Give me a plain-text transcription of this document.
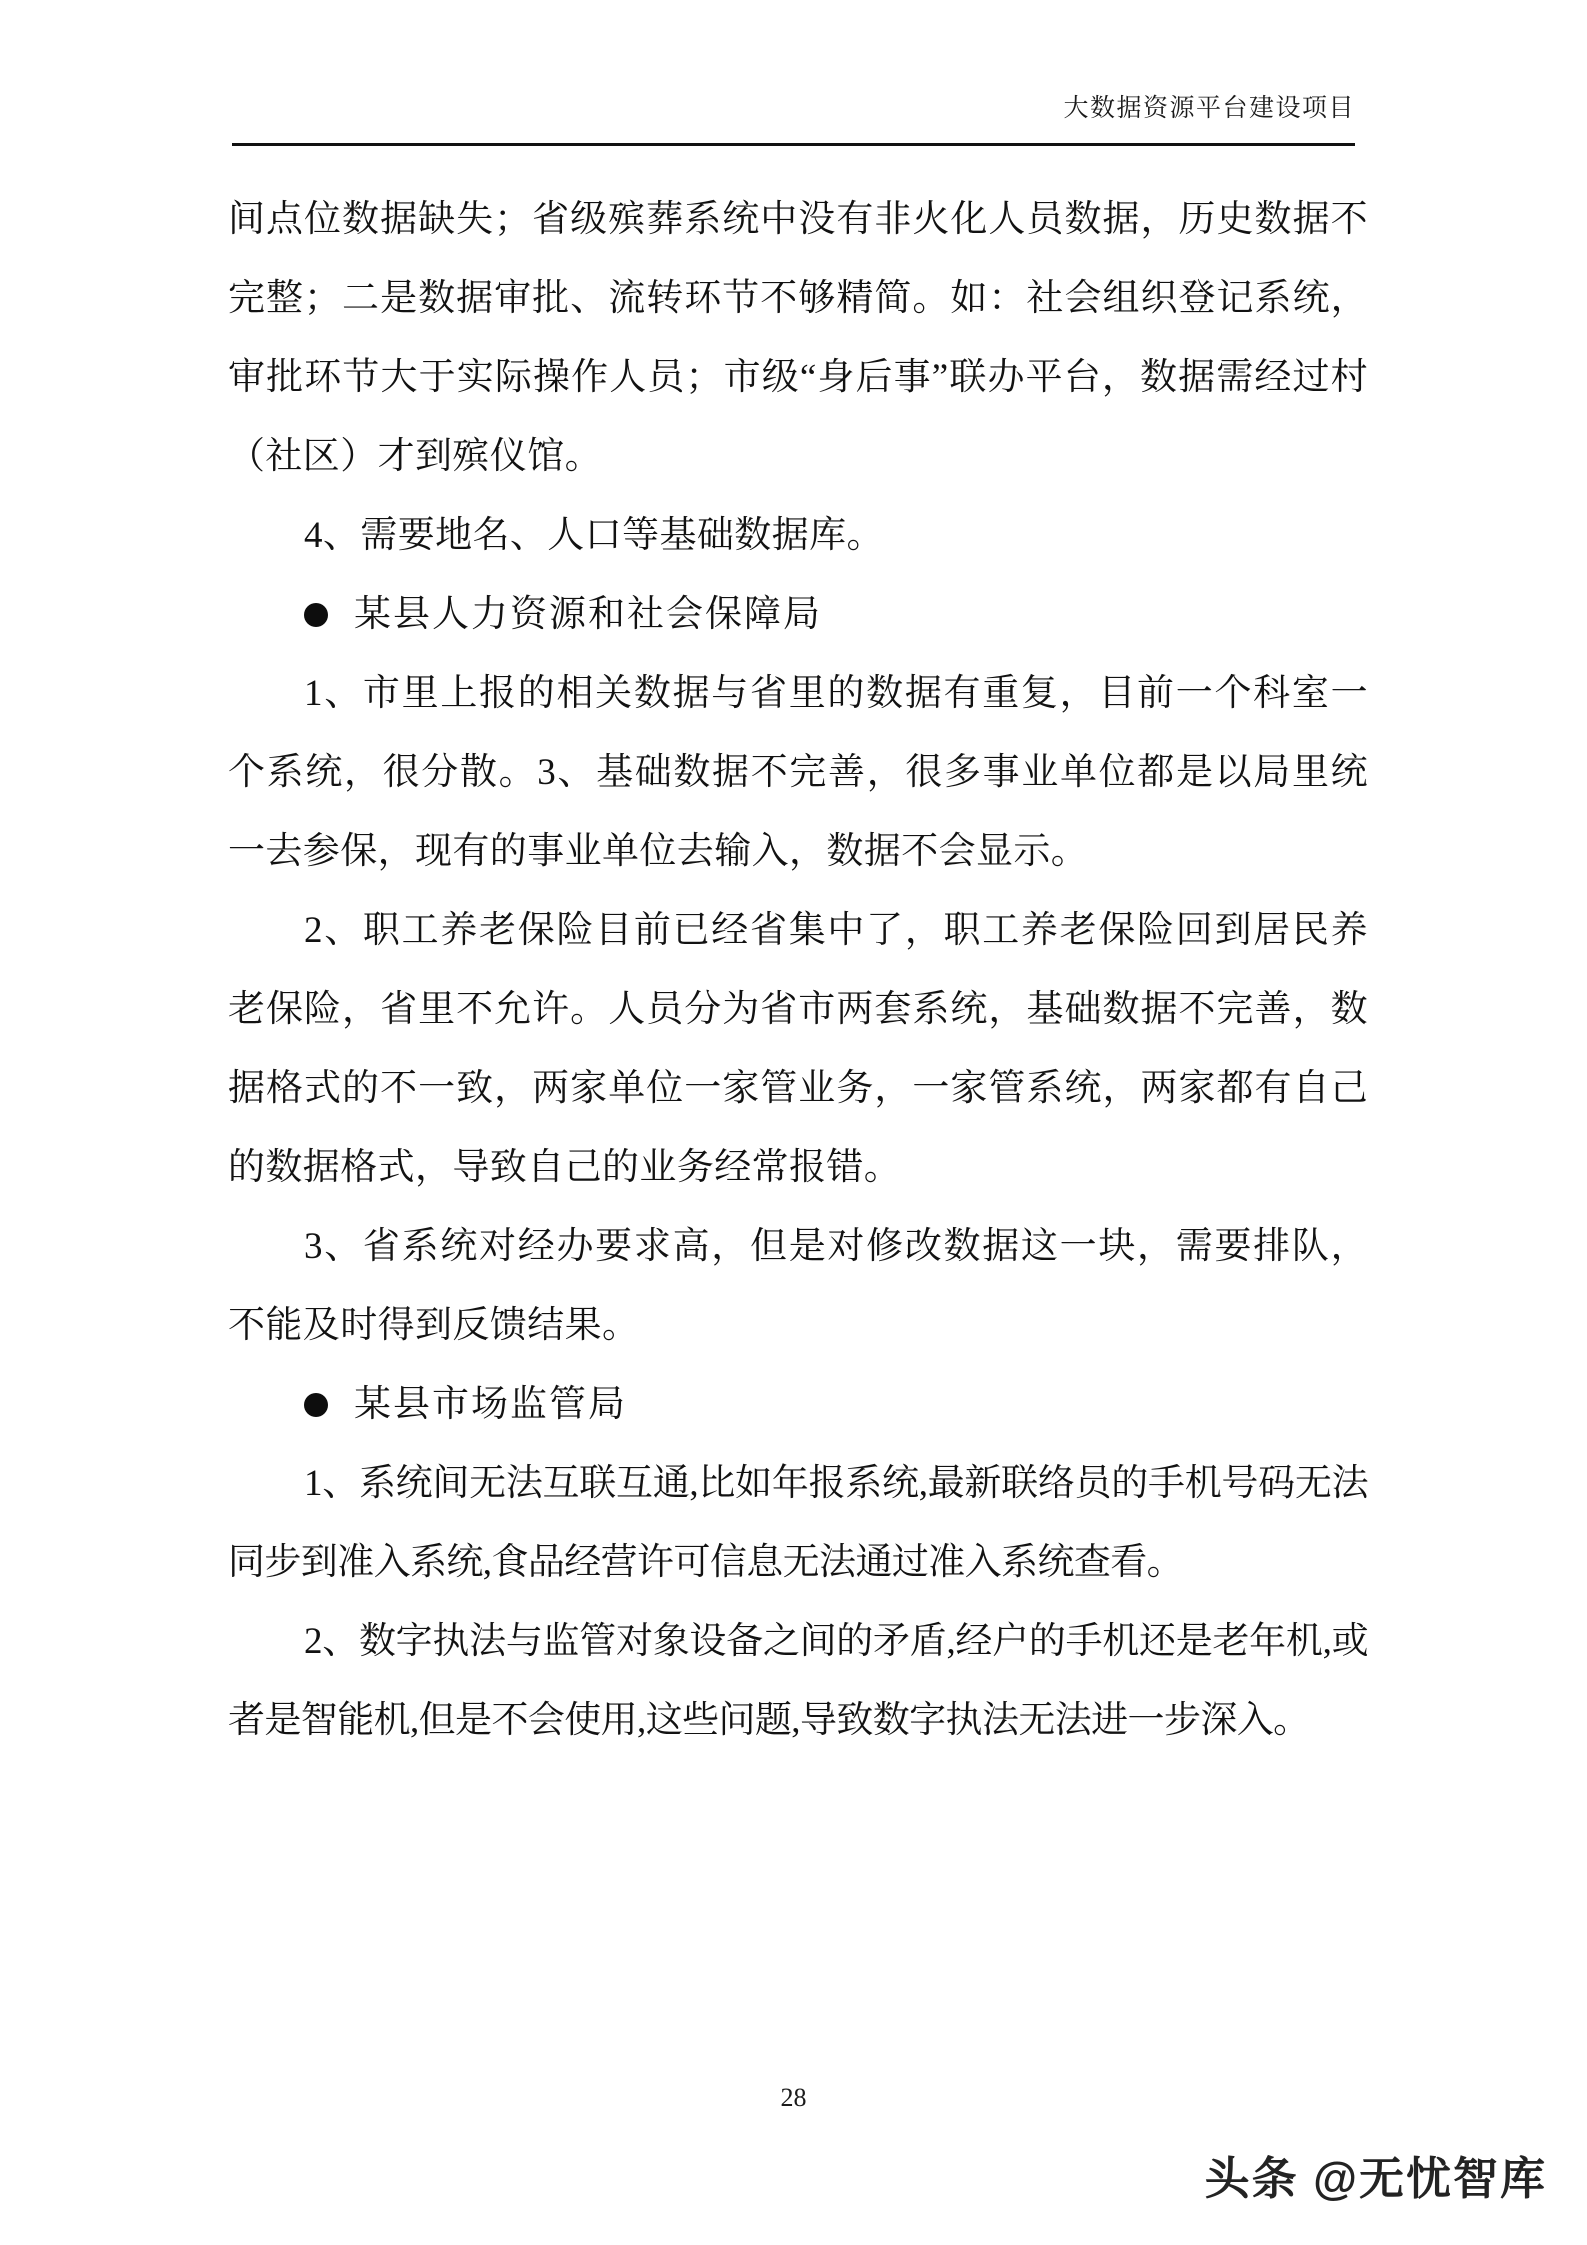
大数据资源平台建设项目

间点位数据缺失；省级殡葬系统中没有非火化人员数据，历史数据不完整；二是数据审批、流转环节不够精简。如：社会组织登记系统，审批环节大于实际操作人员；市级“身后事”联办平台，数据需经过村（社区）才到殡仪馆。

4、需要地名、人口等基础数据库。

某县人力资源和社会保障局

1、市里上报的相关数据与省里的数据有重复，目前一个科室一个系统，很分散。3、基础数据不完善，很多事业单位都是以局里统一去参保，现有的事业单位去输入，数据不会显示。

2、职工养老保险目前已经省集中了，职工养老保险回到居民养老保险，省里不允许。人员分为省市两套系统，基础数据不完善，数据格式的不一致，两家单位一家管业务，一家管系统，两家都有自己的数据格式，导致自己的业务经常报错。

3、省系统对经办要求高，但是对修改数据这一块，需要排队，不能及时得到反馈结果。

某县市场监管局

1、系统间无法互联互通,比如年报系统,最新联络员的手机号码无法同步到准入系统,食品经营许可信息无法通过准入系统查看。

2、数字执法与监管对象设备之间的矛盾,经户的手机还是老年机,或者是智能机,但是不会使用,这些问题,导致数字执法无法进一步深入。

28
头条 @无忧智库
